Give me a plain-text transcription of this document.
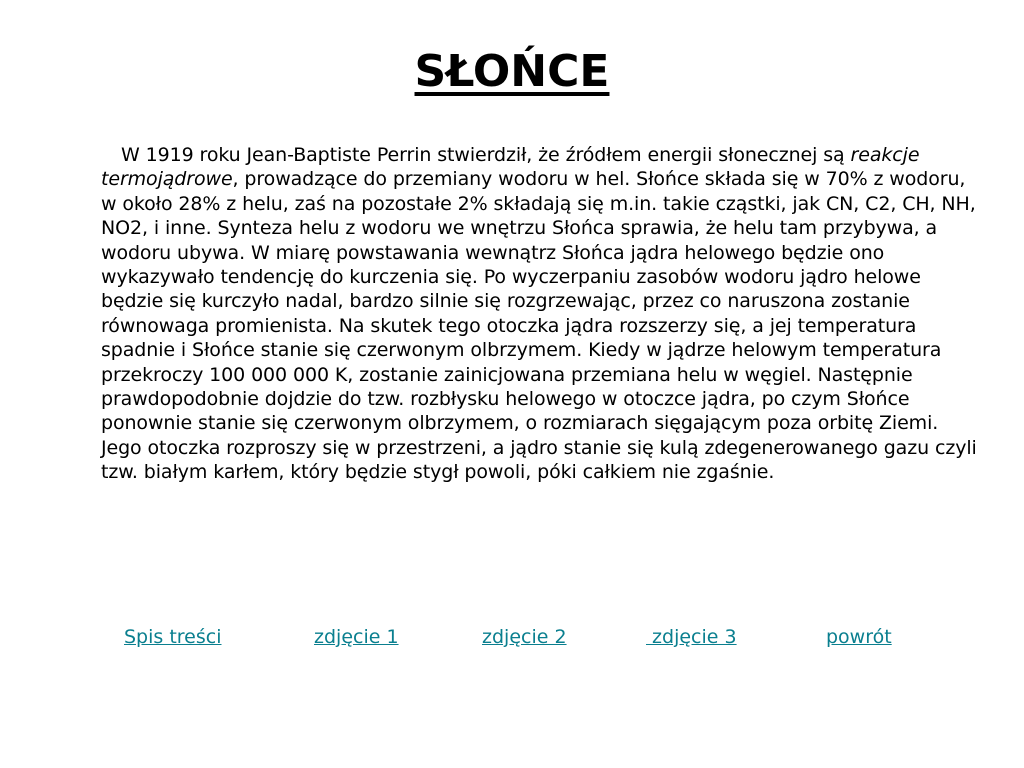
SŁOŃCE

W 1919 roku Jean-Baptiste Perrin stwierdził, że źródłem energii słonecznej są reakcje termojądrowe, prowadzące do przemiany wodoru w hel. Słońce składa się w 70% z wodoru, w około 28% z helu, zaś na pozostałe 2% składają się m.in. takie cząstki, jak CN, C2, CH, NH, NO2, i inne. Synteza helu z wodoru we wnętrzu Słońca sprawia, że helu tam przybywa, a wodoru ubywa. W miarę powstawania wewnątrz Słońca jądra helowego będzie ono wykazywało tendencję do kurczenia się. Po wyczerpaniu zasobów wodoru jądro helowe będzie się kurczyło nadal, bardzo silnie się rozgrzewając, przez co naruszona zostanie równowaga promienista. Na skutek tego otoczka jądra rozszerzy się, a jej temperatura spadnie i Słońce stanie się czerwonym olbrzymem. Kiedy w jądrze helowym temperatura przekroczy 100 000 000 K, zostanie zainicjowana przemiana helu w węgiel. Następnie prawdopodobnie dojdzie do tzw. rozbłysku helowego w otoczce jądra, po czym Słońce ponownie stanie się czerwonym olbrzymem, o rozmiarach sięgającym poza orbitę Ziemi. Jego otoczka rozproszy się w przestrzeni, a jądro stanie się kulą zdegenerowanego gazu czyli tzw. białym karłem, który będzie stygł powoli, póki całkiem nie zgaśnie.

Spis treści	zdjęcie 1	zdjęcie 2	zdjęcie 3	powrót
